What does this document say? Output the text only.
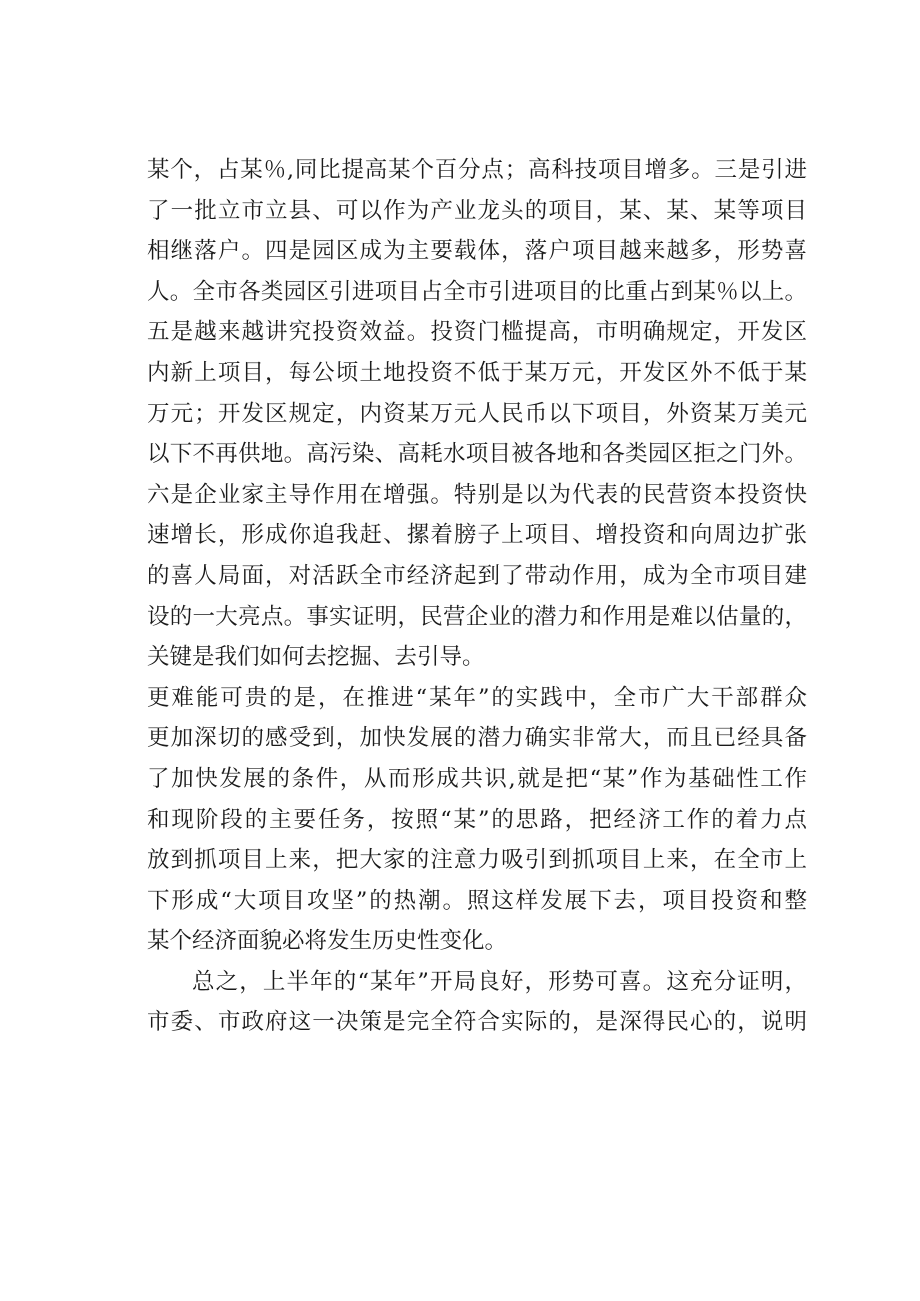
某个，占某％,同比提高某个百分点；高科技项目增多。三是引进
了一批立市立县、可以作为产业龙头的项目，某、某、某等项目
相继落户。四是园区成为主要载体，落户项目越来越多，形势喜
人。全市各类园区引进项目占全市引进项目的比重占到某％以上。
五是越来越讲究投资效益。投资门槛提高，市明确规定，开发区
内新上项目，每公顷土地投资不低于某万元，开发区外不低于某
万元；开发区规定，内资某万元人民币以下项目，外资某万美元
以下不再供地。高污染、高耗水项目被各地和各类园区拒之门外。
六是企业家主导作用在增强。特别是以为代表的民营资本投资快
速增长，形成你追我赶、摞着膀子上项目、增投资和向周边扩张
的喜人局面，对活跃全市经济起到了带动作用，成为全市项目建
设的一大亮点。事实证明，民营企业的潜力和作用是难以估量的，
关键是我们如何去挖掘、去引导。
更难能可贵的是，在推进“某年”的实践中，全市广大干部群众
更加深切的感受到，加快发展的潜力确实非常大，而且已经具备
了加快发展的条件，从而形成共识,就是把“某”作为基础性工作
和现阶段的主要任务，按照“某”的思路，把经济工作的着力点
放到抓项目上来，把大家的注意力吸引到抓项目上来，在全市上
下形成“大项目攻坚”的热潮。照这样发展下去，项目投资和整
某个经济面貌必将发生历史性变化。
总之，上半年的“某年”开局良好，形势可喜。这充分证明，
市委、市政府这一决策是完全符合实际的，是深得民心的，说明
